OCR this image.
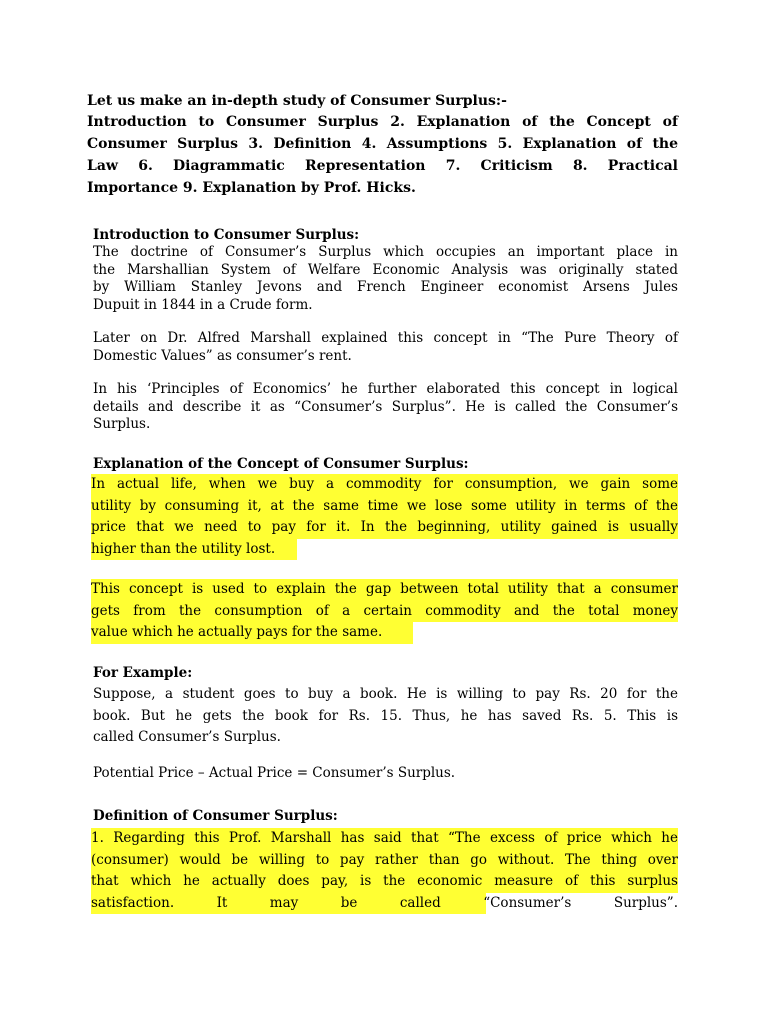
Let us make an in-depth study of Consumer Surplus:-
Introduction to Consumer Surplus 2. Explanation of the Concept of
Consumer Surplus 3. Definition 4. Assumptions 5. Explanation of the
Law 6. Diagrammatic Representation 7. Criticism 8. Practical
Importance 9. Explanation by Prof. Hicks.
Introduction to Consumer Surplus:
The doctrine of Consumer’s Surplus which occupies an important place in
the Marshallian System of Welfare Economic Analysis was originally stated
by William Stanley Jevons and French Engineer economist Arsens Jules
Dupuit in 1844 in a Crude form.
Later on Dr. Alfred Marshall explained this concept in “The Pure Theory of
Domestic Values” as consumer’s rent.
In his ‘Principles of Economics’ he further elaborated this concept in logical
details and describe it as “Consumer’s Surplus”. He is called the Consumer’s
Surplus.
Explanation of the Concept of Consumer Surplus:
In actual life, when we buy a commodity for consumption, we gain some
utility by consuming it, at the same time we lose some utility in terms of the
price that we need to pay for it. In the beginning, utility gained is usually
higher than the utility lost.
This concept is used to explain the gap between total utility that a consumer
gets from the consumption of a certain commodity and the total money
value which he actually pays for the same.
For Example:
Suppose, a student goes to buy a book. He is willing to pay Rs. 20 for the
book. But he gets the book for Rs. 15. Thus, he has saved Rs. 5. This is
called Consumer’s Surplus.
Potential Price – Actual Price = Consumer’s Surplus.
Definition of Consumer Surplus:
1. Regarding this Prof. Marshall has said that “The excess of price which he
(consumer) would be willing to pay rather than go without. The thing over
that which he actually does pay, is the economic measure of this surplus
satisfaction. It may be called “Consumer’s Surplus”.
